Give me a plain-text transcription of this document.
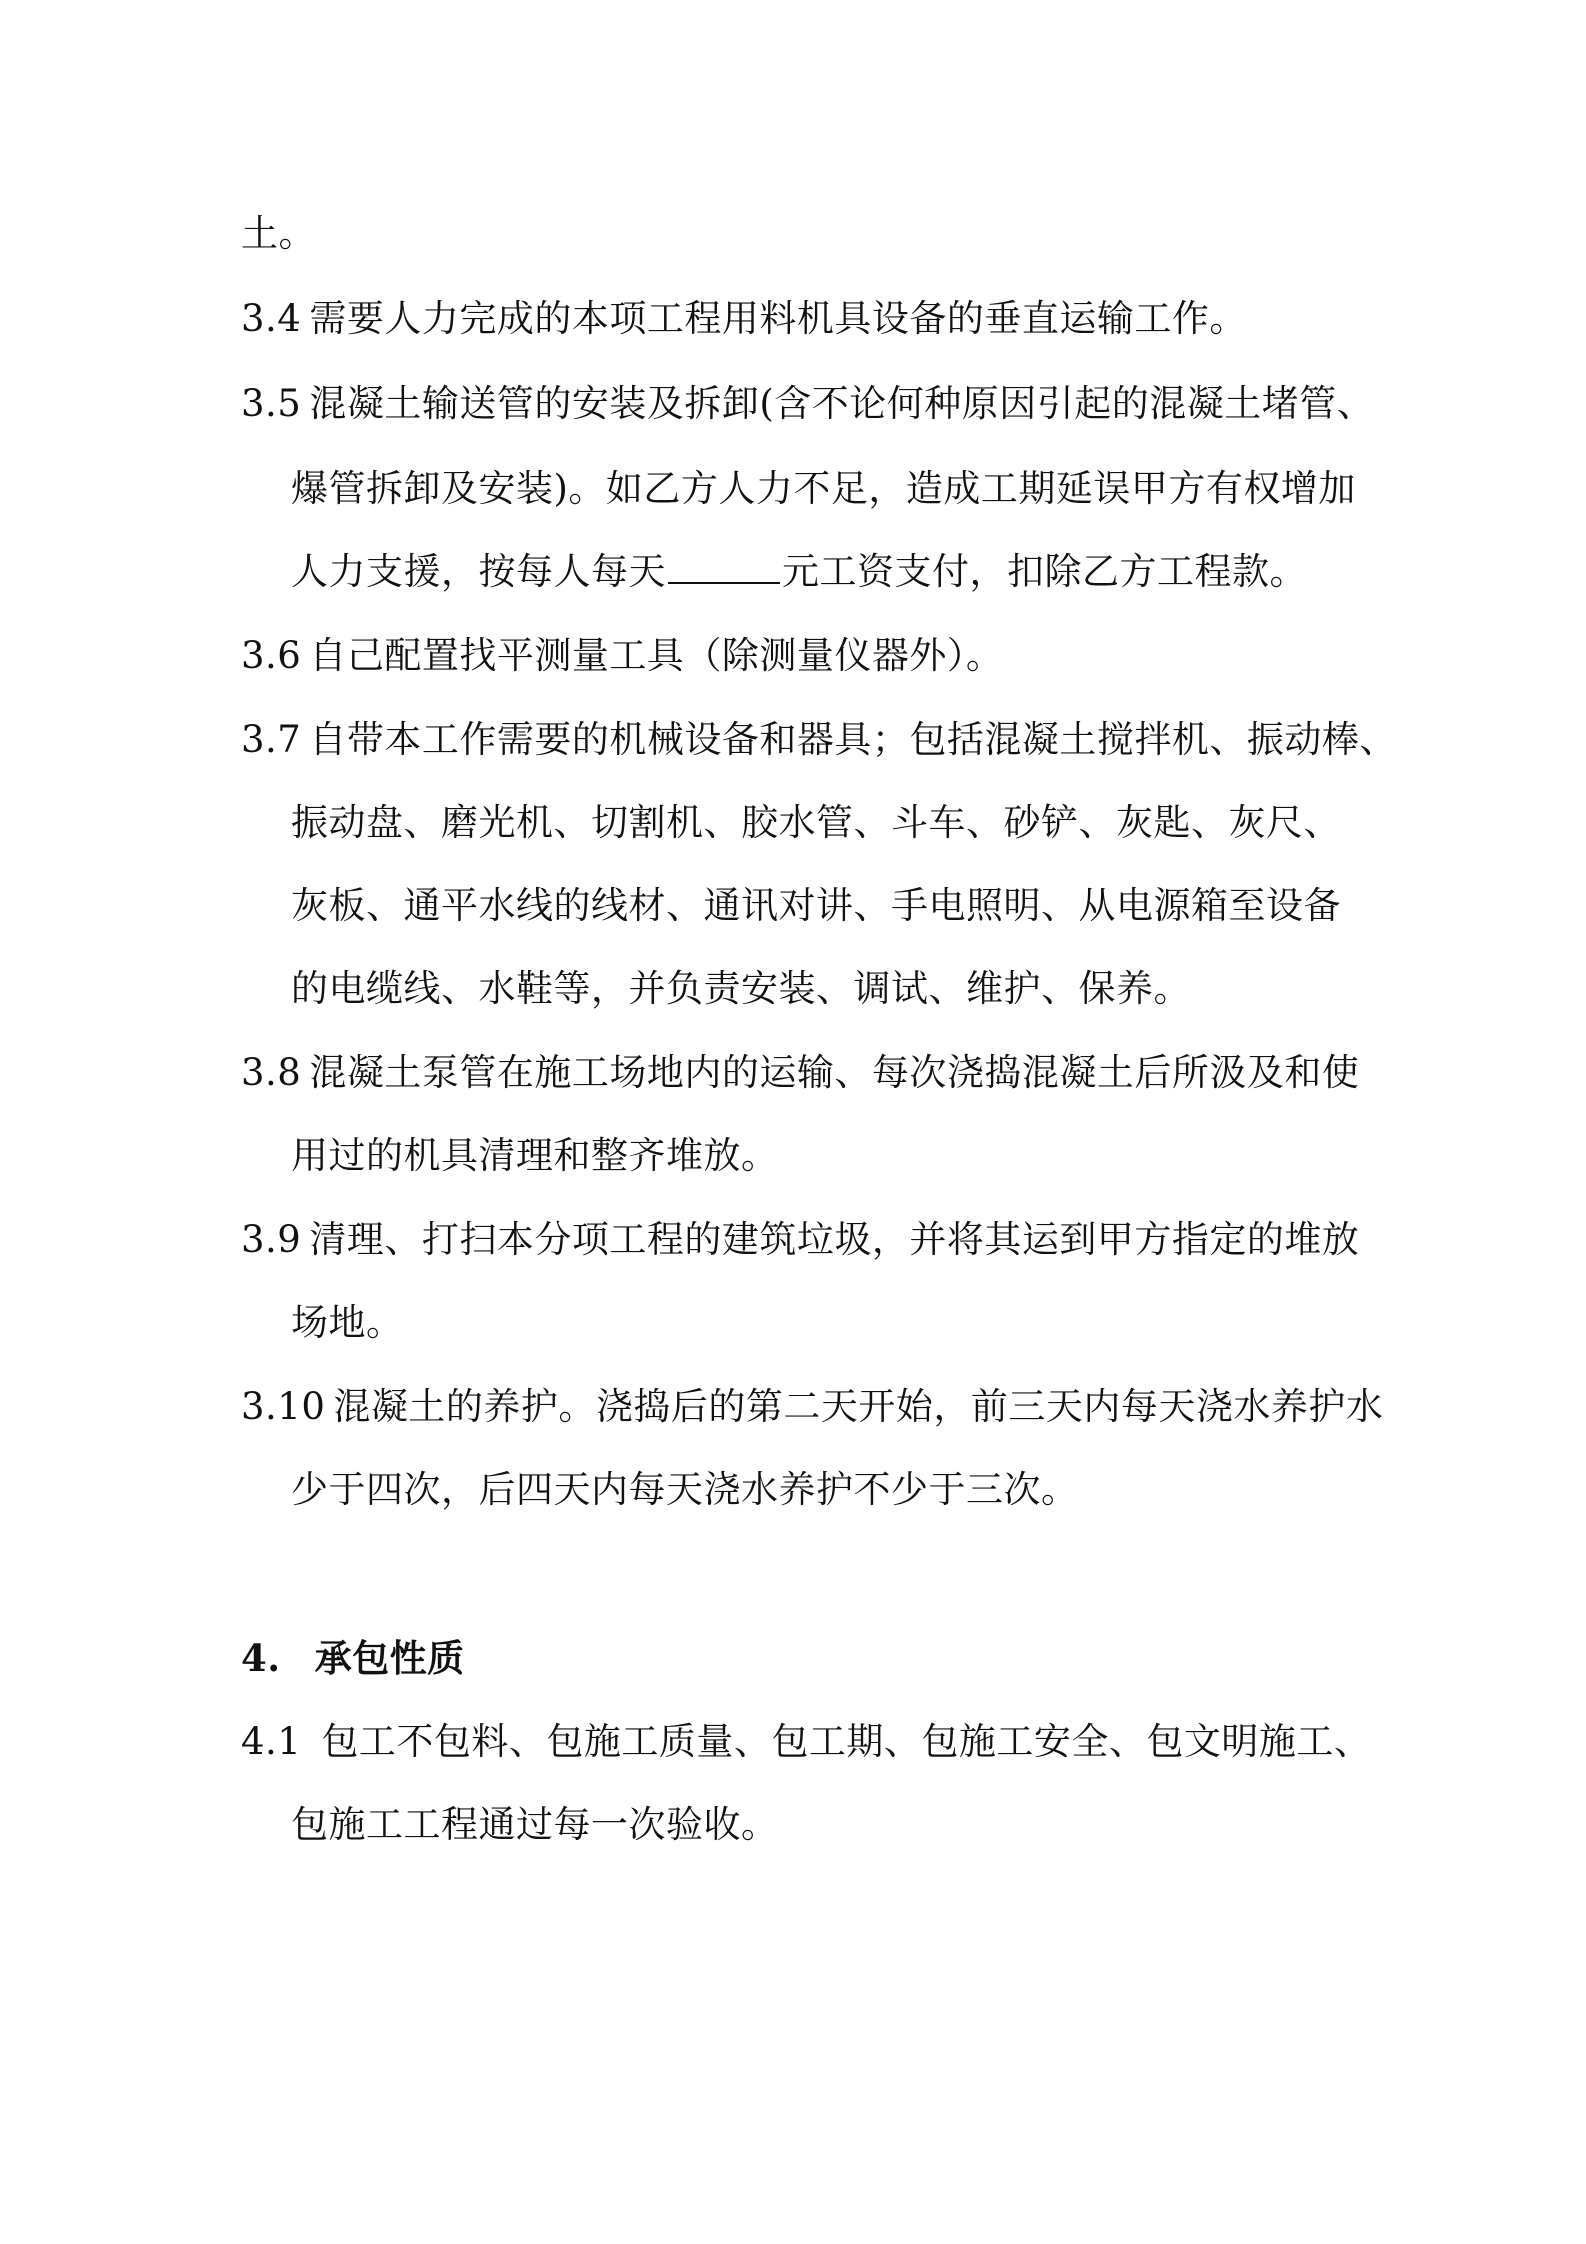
土。
3.4 需要人力完成的本项工程用料机具设备的垂直运输工作。
3.5 混凝土输送管的安装及拆卸(含不论何种原因引起的混凝土堵管、
爆管拆卸及安装)。如乙方人力不足，造成工期延误甲方有权增加
人力支援，按每人每天	元工资支付，扣除乙方工程款。
3.6 自己配置找平测量工具（除测量仪器外）。
3.7 自带本工作需要的机械设备和器具；包括混凝土搅拌机、振动棒、
振动盘、磨光机、切割机、胶水管、斗车、砂铲、灰匙、灰尺、
灰板、通平水线的线材、通讯对讲、手电照明、从电源箱至设备
的电缆线、水鞋等，并负责安装、调试、维护、保养。
3.8 混凝土泵管在施工场地内的运输、每次浇捣混凝土后所汲及和使
用过的机具清理和整齐堆放。
3.9 清理、打扫本分项工程的建筑垃圾，并将其运到甲方指定的堆放
场地。
3.10 混凝土的养护。浇捣后的第二天开始，前三天内每天浇水养护水
少于四次，后四天内每天浇水养护不少于三次。
4. 承包性质
4.1 包工不包料、包施工质量、包工期、包施工安全、包文明施工、
包施工工程通过每一次验收。
